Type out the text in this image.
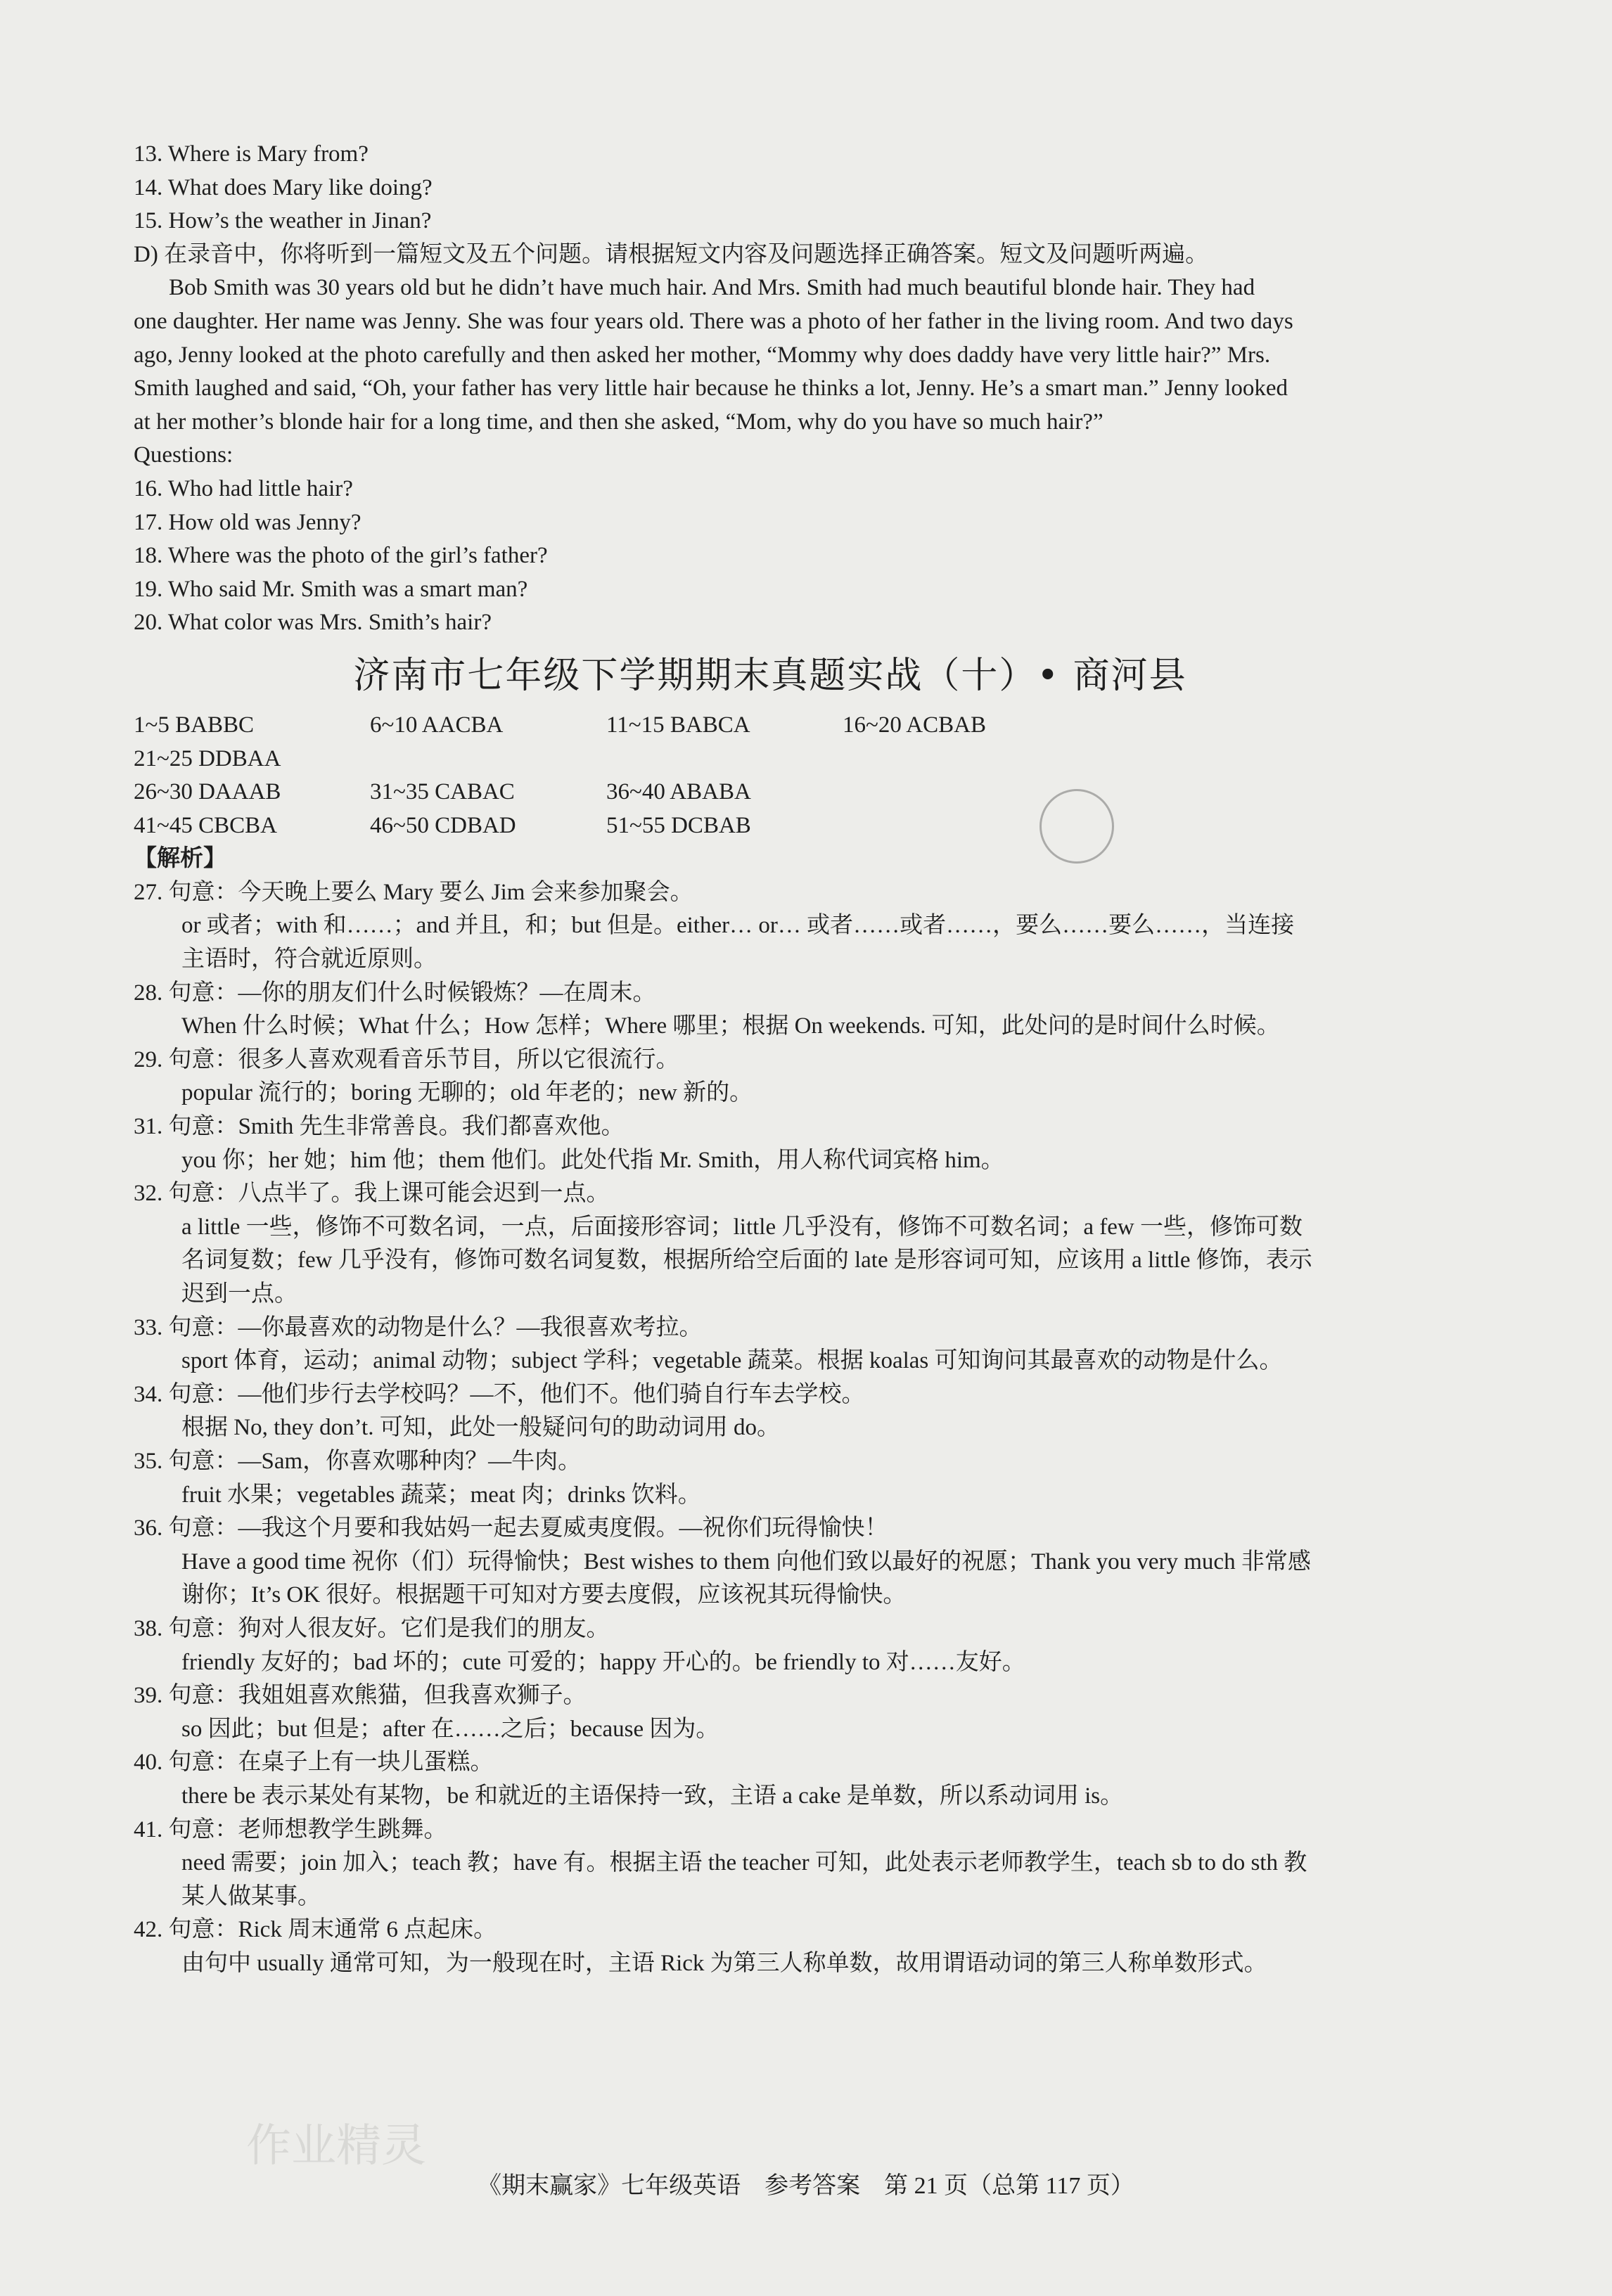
作业精灵
13. Where is Mary from?
14. What does Mary like doing?
15. How’s the weather in Jinan?
D) 在录音中，你将听到一篇短文及五个问题。请根据短文内容及问题选择正确答案。短文及问题听两遍。
Bob Smith was 30 years old but he didn’t have much hair. And Mrs. Smith had much beautiful blonde hair. They had
one daughter. Her name was Jenny. She was four years old. There was a photo of her father in the living room. And two days
ago, Jenny looked at the photo carefully and then asked her mother, “Mommy why does daddy have very little hair?” Mrs.
Smith laughed and said, “Oh, your father has very little hair because he thinks a lot, Jenny. He’s a smart man.” Jenny looked
at her mother’s blonde hair for a long time, and then she asked, “Mom, why do you have so much hair?”
Questions:
16. Who had little hair?
17. How old was Jenny?
18. Where was the photo of the girl’s father?
19. Who said Mr. Smith was a smart man?
20. What color was Mrs. Smith’s hair?
济南市七年级下学期期末真题实战（十）• 商河县
1~5 BABBC	6~10 AACBA	11~15 BABCA	16~20 ACBAB
21~25 DDBAA
26~30 DAAAB	31~35 CABAC	36~40 ABABA
41~45 CBCBA	46~50 CDBAD	51~55 DCBAB
【解析】
27. 句意：今天晚上要么 Mary 要么 Jim 会来参加聚会。
or 或者；with 和……；and 并且，和；but 但是。either… or… 或者……或者……，要么……要么……，当连接
主语时，符合就近原则。
28. 句意：—你的朋友们什么时候锻炼？—在周末。
When 什么时候；What 什么；How 怎样；Where 哪里；根据 On weekends. 可知，此处问的是时间什么时候。
29. 句意：很多人喜欢观看音乐节目，所以它很流行。
popular 流行的；boring 无聊的；old 年老的；new 新的。
31. 句意：Smith 先生非常善良。我们都喜欢他。
you 你；her 她；him 他；them 他们。此处代指 Mr. Smith，用人称代词宾格 him。
32. 句意：八点半了。我上课可能会迟到一点。
a little 一些，修饰不可数名词，一点，后面接形容词；little 几乎没有，修饰不可数名词；a few 一些，修饰可数
名词复数；few 几乎没有，修饰可数名词复数，根据所给空后面的 late 是形容词可知，应该用 a little 修饰，表示
迟到一点。
33. 句意：—你最喜欢的动物是什么？—我很喜欢考拉。
sport 体育，运动；animal 动物；subject 学科；vegetable 蔬菜。根据 koalas 可知询问其最喜欢的动物是什么。
34. 句意：—他们步行去学校吗？—不，他们不。他们骑自行车去学校。
根据 No, they don’t. 可知，此处一般疑问句的助动词用 do。
35. 句意：—Sam，你喜欢哪种肉？—牛肉。
fruit 水果；vegetables 蔬菜；meat 肉；drinks 饮料。
36. 句意：—我这个月要和我姑妈一起去夏威夷度假。—祝你们玩得愉快！
Have a good time 祝你（们）玩得愉快；Best wishes to them 向他们致以最好的祝愿；Thank you very much 非常感
谢你；It’s OK 很好。根据题干可知对方要去度假，应该祝其玩得愉快。
38. 句意：狗对人很友好。它们是我们的朋友。
friendly 友好的；bad 坏的；cute 可爱的；happy 开心的。be friendly to 对……友好。
39. 句意：我姐姐喜欢熊猫，但我喜欢狮子。
so 因此；but 但是；after 在……之后；because 因为。
40. 句意：在桌子上有一块儿蛋糕。
there be 表示某处有某物，be 和就近的主语保持一致，主语 a cake 是单数，所以系动词用 is。
41. 句意：老师想教学生跳舞。
need 需要；join 加入；teach 教；have 有。根据主语 the teacher 可知，此处表示老师教学生，teach sb to do sth 教
某人做某事。
42. 句意：Rick 周末通常 6 点起床。
由句中 usually 通常可知，为一般现在时，主语 Rick 为第三人称单数，故用谓语动词的第三人称单数形式。
《期末赢家》七年级英语　参考答案　第 21 页（总第 117 页）
